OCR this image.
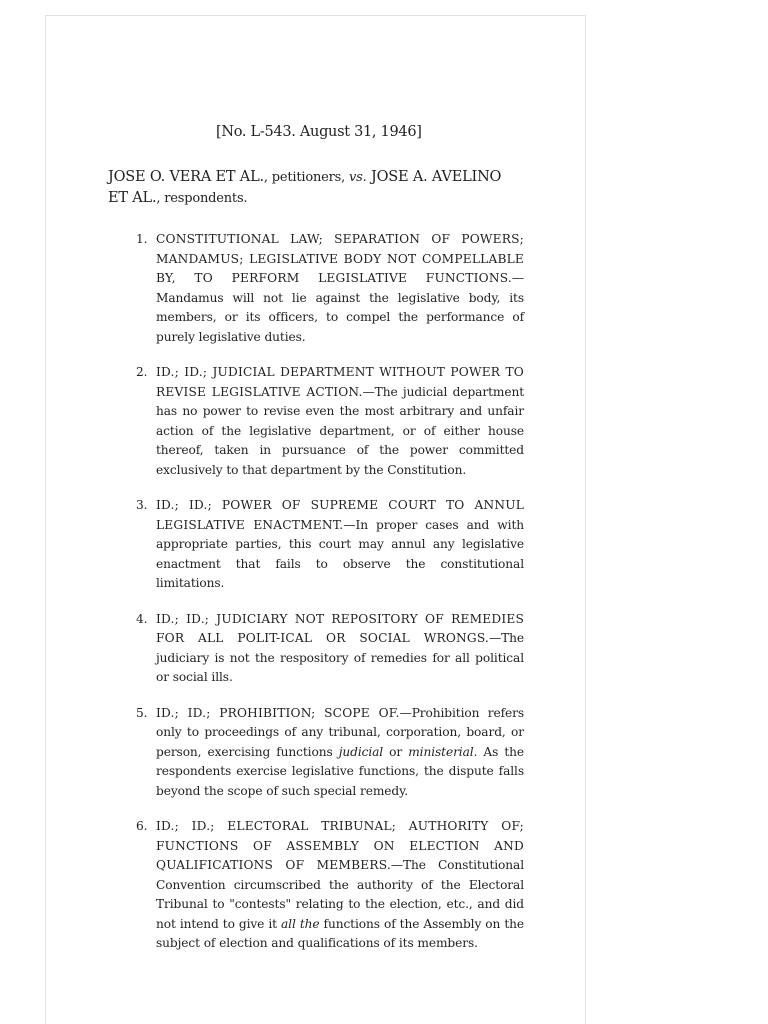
[No. L-543. August 31, 1946]
JOSE O. VERA ET AL., petitioners, vs. JOSE A. AVELINO ET AL., respondents.
1. CONSTITUTIONAL LAW; SEPARATION OF POWERS; MANDAMUS; LEGISLATIVE BODY NOT COMPELLABLE BY, TO PERFORM LEGISLATIVE FUNCTIONS.—Mandamus will not lie against the legislative body, its members, or its officers, to compel the performance of purely legislative duties.
2. ID.; ID.; JUDICIAL DEPARTMENT WITHOUT POWER TO REVISE LEGISLATIVE ACTION.—The judicial department has no power to revise even the most arbitrary and unfair action of the legislative department, or of either house thereof, taken in pursuance of the power committed exclusively to that department by the Constitution.
3. ID.; ID.; POWER OF SUPREME COURT TO ANNUL LEGISLATIVE ENACTMENT.—In proper cases and with appropriate parties, this court may annul any legislative enactment that fails to observe the constitutional limitations.
4. ID.; ID.; JUDICIARY NOT REPOSITORY OF REMEDIES FOR ALL POLIT-ICAL OR SOCIAL WRONGS.—The judiciary is not the respository of remedies for all political or social ills.
5. ID.; ID.; PROHIBITION; SCOPE OF.—Prohibition refers only to proceedings of any tribunal, corporation, board, or person, exercising functions judicial or ministerial. As the respondents exercise legislative functions, the dispute falls beyond the scope of such special remedy.
6. ID.; ID.; ELECTORAL TRIBUNAL; AUTHORITY OF; FUNCTIONS OF ASSEMBLY ON ELECTION AND QUALIFICATIONS OF MEMBERS.—The Constitutional Convention circumscribed the authority of the Electoral Tribunal to "contests" relating to the election, etc., and did not intend to give it all the functions of the Assembly on the subject of election and qualifications of its members.
